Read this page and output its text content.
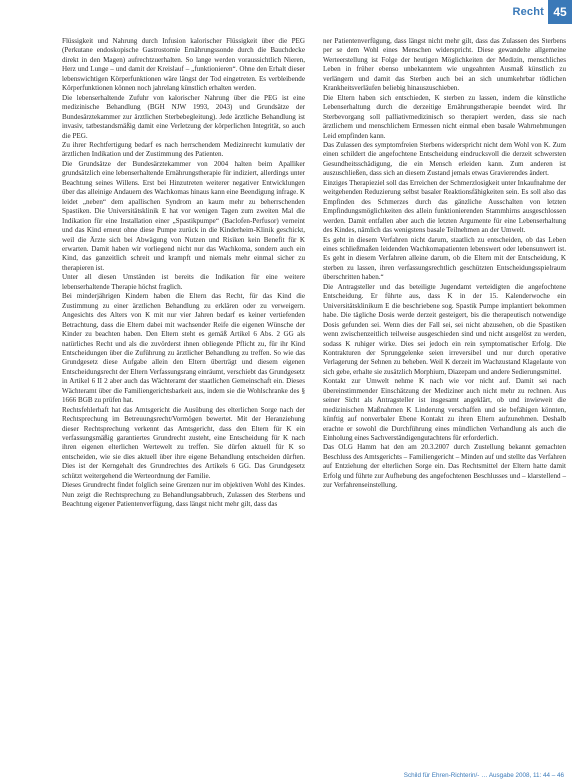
Recht 45

Flüssigkeit und Nahrung durch Infusion kalorischer Flüssigkeit über die PEG (Perkutane endoskopische Gastrostomie Ernährungssonde durch die Bauchdecke direkt in den Magen) aufrechtzuerhalten. So lange werden voraussichtlich Nieren, Herz und Lunge – und damit der Kreislauf – „funktionieren“. Ohne den Erhalt dieser lebenswichtigen Körperfunktionen wäre längst der Tod eingetreten. Es verbleibende Körperfunktionen können noch jahrelang künstlich erhalten werden.

Die lebenserhaltende Zufuhr von kalorischer Nahrung über die PEG ist eine medizinische Behandlung (BGH NJW 1993, 2043) und Grundsätze der Bundesärztekammer zur ärztlichen Sterbebegleitung). Jede ärztliche Behandlung ist invasiv, tatbestandsmäßig damit eine Verletzung der körperlichen Integrität, so auch die PEG.

Zu ihrer Rechtfertigung bedarf es nach herrschendem Medizinrecht kumulativ der ärztlichen Indikation und der Zustimmung des Patienten.

Die Grundsätze der Bundesärztekammer von 2004 halten beim Apalliker grundsätzlich eine lebenserhaltende Ernährungstherapie für indiziert, allerdings unter Beachtung seines Willens. Erst bei Hinzutreten weiterer negativer Entwicklungen über das alleinige Andauern des Wachkomas hinaus kann eine Beendigung infrage. K leidet „neben“ dem apallischen Syndrom an kaum mehr zu beherrschenden Spastiken. Die Universitätsklinik E hat vor wenigen Tagen zum zweiten Mal die Indikation für eine Installation einer „Spastikpumpe“ (Baclofen-Perfusor) verneint und das Kind erneut ohne diese Pumpe zurück in die Kinderheim-Klinik geschickt, weil die Ärzte sich bei Abwägung von Nutzen und Risiken kein Benefit für K erwarten. Damit haben wir vorliegend nicht nur das Wachkoma, sondern auch ein Kind, das ganzeitlich schreit und krampft und niemals mehr einmal sicher zu therapieren ist.

Unter all diesen Umständen ist bereits die Indikation für eine weitere lebenserhaltende Therapie höchst fraglich.

Bei minderjährigen Kindern haben die Eltern das Recht, für das Kind die Zustimmung zu einer ärztlichen Behandlung zu erklären oder zu verweigern. Angesichts des Alters von K mit nur vier Jahren bedarf es keiner vertiefenden Betrachtung, dass die Eltern dabei mit wachsender Reife die eigenen Wünsche der Kinder zu beachten haben. Den Eltern steht es gemäß Artikel 6 Abs. 2 GG als natürliches Recht und als die zuvörderst ihnen obliegende Pflicht zu, für ihr Kind Entscheidungen über die Zuführung zu ärztlicher Behandlung zu treffen. So wie das Grundgesetz diese Aufgabe allein den Eltern überträgt und diesem eigenen Entscheidungsrecht der Eltern Verfassungsrang einräumt, verschiebt das Grundgesetz in Artikel 6 II 2 aber auch das Wächteramt der staatlichen Gemeinschaft ein. Dieses Wächteramt über die Familiengerichtsbarkeit aus, indem sie die Wohlschranke des § 1666 BGB zu prüfen hat.

Rechtsfehlerhaft hat das Amtsgericht die Ausübung des elterlichen Sorge nach der Rechtsprechung im Betreuungsrecht/Vormögen bewertet. Mit der Heranziehung dieser Rechtsprechung verkennt das Amtsgericht, dass den Eltern für K ein verfassungsmäßig garantiertes Grundrecht zusteht, eine Entscheidung für K nach ihren eigenen elterlichen Wertewelt zu treffen. Sie dürfen aktuell für K so entscheiden, wie sie dies aktuell über ihre eigene Behandlung entscheiden dürften. Dies ist der Kerngehalt des Grundrechtes des Artikels 6 GG. Das Grundgesetz schützt weitergehend die Werteordnung der Familie.

Dieses Grundrecht findet folglich seine Grenzen nur im objektiven Wohl des Kindes. Nun zeigt die Rechtsprechung zu Behandlungsabbruch, Zulassen des Sterbens und Beachtung eigener Patientenverfügung, dass längst nicht mehr gilt, dass das

ner Patientenverfügung, dass längst nicht mehr gilt, dass das Zulassen des Sterbens per se dem Wohl eines Menschen widerspricht. Diese gewandelte allgemeine Werteerstellung ist Folge der heutigen Möglichkeiten der Medizin, menschliches Leben in früher ebenso unbekanntem wie ungeahnten Ausmaß künstlich zu verlängern und damit das Sterben auch bei an sich unumkehrbar tödlichen Krankheitsverläufen beliebig hinauszuschieben.

Die Eltern haben sich entschieden, K sterben zu lassen, indem die künstliche Lebenserhaltung durch die derzeitige Ernährungstherapie beendet wird. Ihr Sterbevorgang soll palliativmedizinisch so therapiert werden, dass sie nach ärztlichem und menschlichem Ermessen nicht einmal eben basale Wahrnehmungen Leid empfinden kann.

Das Zulassen des symptomfreien Sterbens widerspricht nicht dem Wohl von K. Zum einen schildert die angefochtene Entscheidung eindrucksvoll die derzeit schwersten Gesundheitsschädigung, die ein Mensch erleiden kann. Zum anderen ist auszuschließen, dass sich an diesem Zustand jemals etwas Gravierendes ändert.

Einziges Therapieziel soll das Erreichen der Schmerzlosigkeit unter Inkaufnahme der weitgehenden Reduzierung selbst basaler Reaktionsfähigkeiten sein. Es soll also das Empfinden des Schmerzes durch das gänzliche Ausschalten von letzten Empfindungsmöglichkeiten des allein funktionierenden Stammhirns ausgeschlossen werden. Damit entfallen aber auch die letzten Argumente für eine Lebenserhaltung des Kindes, nämlich das wenigstens basale Teilnehmen an der Umwelt.

Es geht in diesem Verfahren nicht darum, staatlich zu entscheiden, ob das Leben eines schließmaßen leidenden Wachkomapatienten lebenswert oder lebensunwert ist. Es geht in diesem Verfahren alleine darum, ob die Eltern mit der Entscheidung, K sterben zu lassen, ihren verfassungsrechtlich geschützten Entscheidungsspielraum überschritten haben.“

Die Antragsteller und das beteiligte Jugendamt verteidigten die angefochtene Entscheidung. Er führte aus, dass K in der 15. Kalenderwoche ein Universitätsklinikum E die beschriebene sog. Spastik Pumpe implantiert bekommen habe. Die tägliche Dosis werde derzeit gesteigert, bis die therapeutisch notwendige Dosis gefunden sei. Wenn dies der Fall sei, sei nicht abzusehen, ob die Spastiken wenn zwischenzeitlich teilweise ausgeschieden sind und nicht ausgelöst zu werden, sodass K ruhiger wirke. Dies sei jedoch ein rein symptomatischer Erfolg. Die Kontrakturen der Sprunggelenke seien irreversibel und nur durch operative Verlagerung der Sehnen zu beheben. Weil K derzeit im Wachzustand Klagelaute von sich gebe, erhalte sie zusätzlich Morphium, Diazepam und andere Sedierungsmittel.

Kontakt zur Umwelt nehme K nach wie vor nicht auf. Damit sei nach übereinstimmender Einschätzung der Mediziner auch nicht mehr zu rechnen. Aus seiner Sicht als Antragsteller ist insgesamt angeklärt, ob und inwieweit die medizinischen Maßnahmen K Linderung verschaffen und sie befähigen könnten, künftig auf nonverbaler Ebene Kontakt zu ihren Eltern aufzunehmen. Deshalb erachte er sowohl die Durchführung eines mündlichen Verhandlung als auch die Einholung eines Sachverständigengutachtens für erforderlich.

Das OLG Hamm hat den am 20.3.2007 durch Zustellung bekannt gemachten Beschluss des Amtsgerichts – Familiengericht – Minden auf und stellte das Verfahren auf Entziehung der elterlichen Sorge ein. Das Rechtsmittel der Eltern hatte damit Erfolg und führte zur Aufhebung des angefochtenen Beschlusses und – klarstellend – zur Verfahrenseinstellung.

Schild für Ehren-Richterin/- … Ausgabe 2008, 11: 44 – 46
